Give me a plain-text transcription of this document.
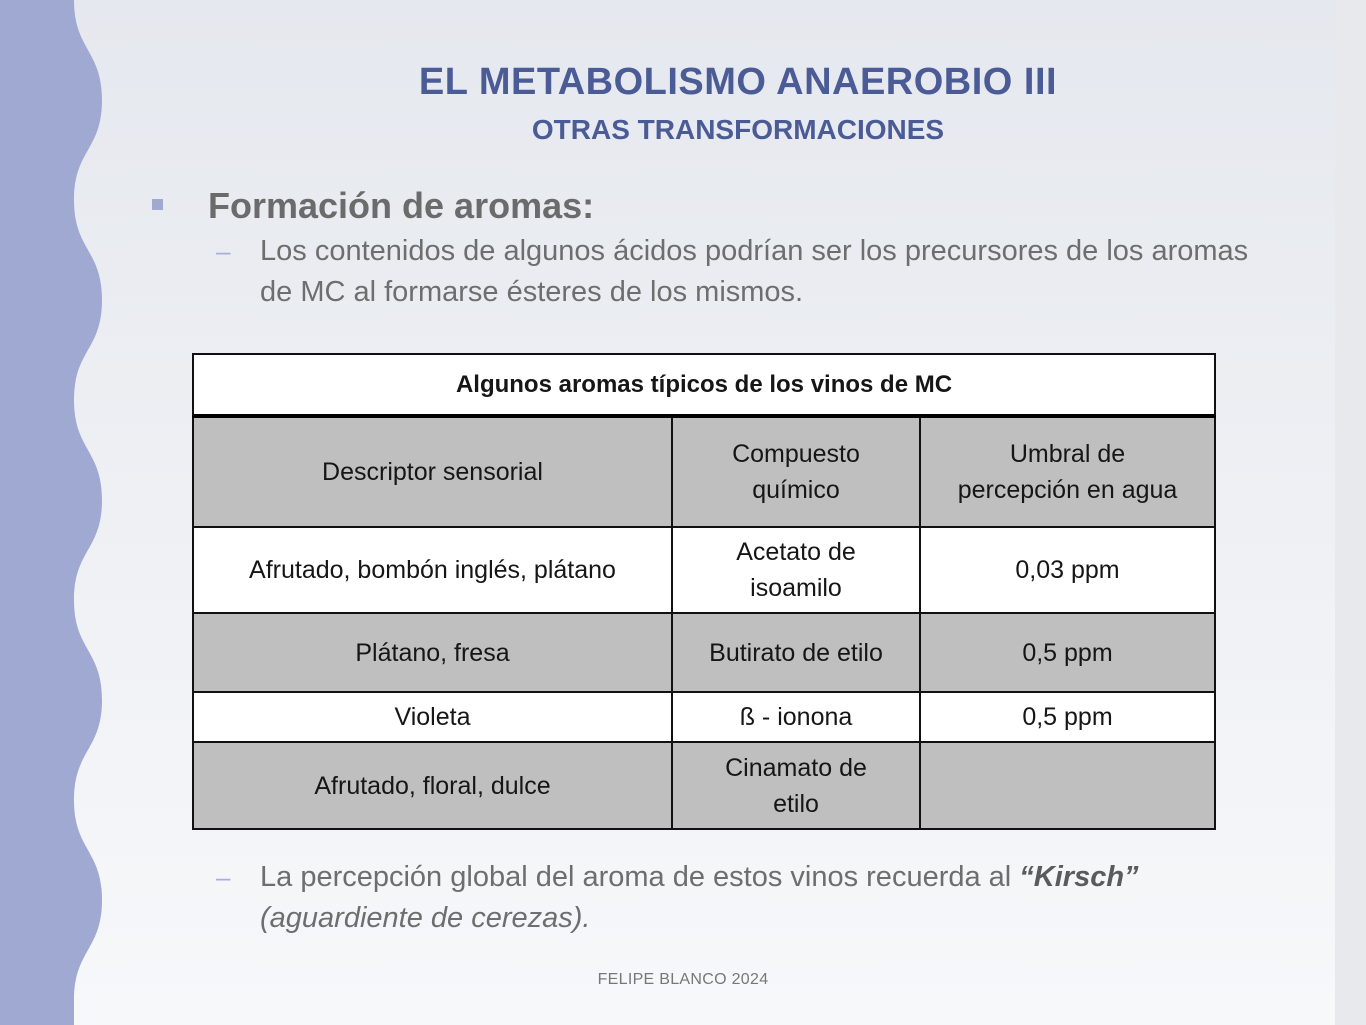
EL METABOLISMO ANAEROBIO III
OTRAS TRANSFORMACIONES
Formación de aromas:
– Los contenidos de algunos ácidos podrían ser los precursores de los aromas de MC al formarse ésteres de los mismos.
Algunos aromas típicos de los vinos de MC		
Descriptor sensorial	Compuesto químico	Umbral de percepción en agua
Afrutado, bombón inglés, plátano	Acetato de isoamilo	0,03 ppm
Plátano, fresa	Butirato de etilo	0,5 ppm
Violeta	ß - ionona	0,5 ppm
Afrutado, floral, dulce	Cinamato de etilo	
– La percepción global del aroma de estos vinos recuerda al “Kirsch” (aguardiente de cerezas).
FELIPE BLANCO 2024
